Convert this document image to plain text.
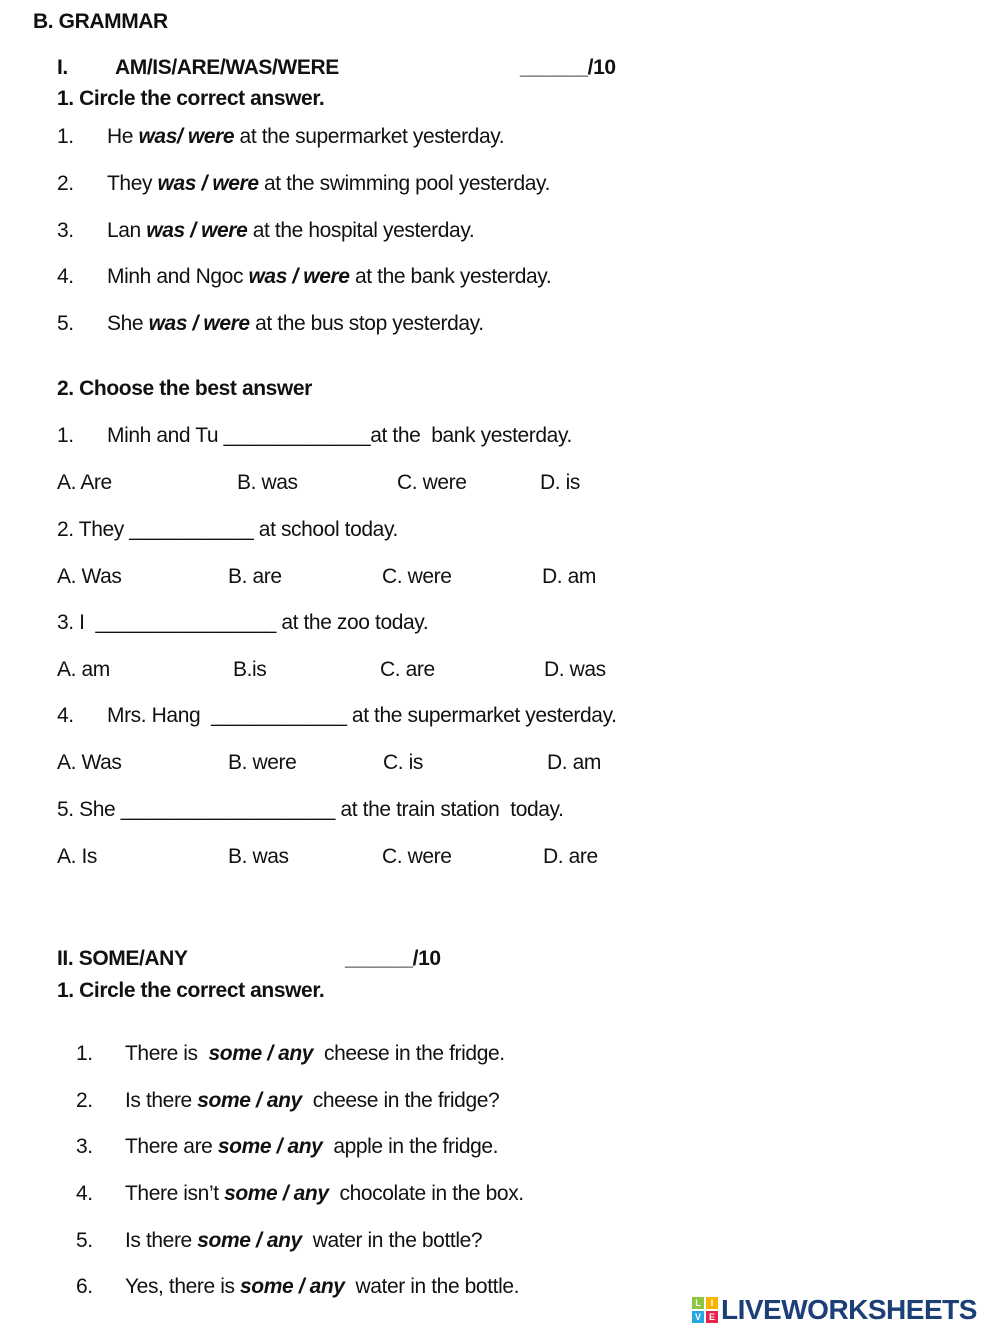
B. GRAMMAR
I. AM/IS/ARE/WAS/WERE	______/10
1. Circle the correct answer.
1. He was/ were at the supermarket yesterday.
2. They was / were at the swimming pool yesterday.
3. Lan was / were at the hospital yesterday.
4. Minh and Ngoc was / were at the bank yesterday.
5. She was / were at the bus stop yesterday.
2. Choose the best answer
1. Minh and Tu _____________at the  bank yesterday.
A. Are	B. was	C. were	D. is
2. They ___________ at school today.
A. Was	B. are	C. were	D. am
3. I  ________________ at the zoo today.
A. am	B.is	C. are	D. was
4. Mrs. Hang  ____________ at the supermarket yesterday.
A. Was	B. were	C. is	D. am
5. She ___________________ at the train station  today.
A. Is	B. was	C. were	D. are
II. SOME/ANY	______/10
1. Circle the correct answer.
1. There is  some / any  cheese in the fridge.
2. Is there some / any  cheese in the fridge?
3. There are some / any  apple in the fridge.
4. There isn’t some / any  chocolate in the box.
5. Is there some / any  water in the bottle?
6. Yes, there is some / any  water in the bottle.
L	I
V E LIVEWORKSHEETS
